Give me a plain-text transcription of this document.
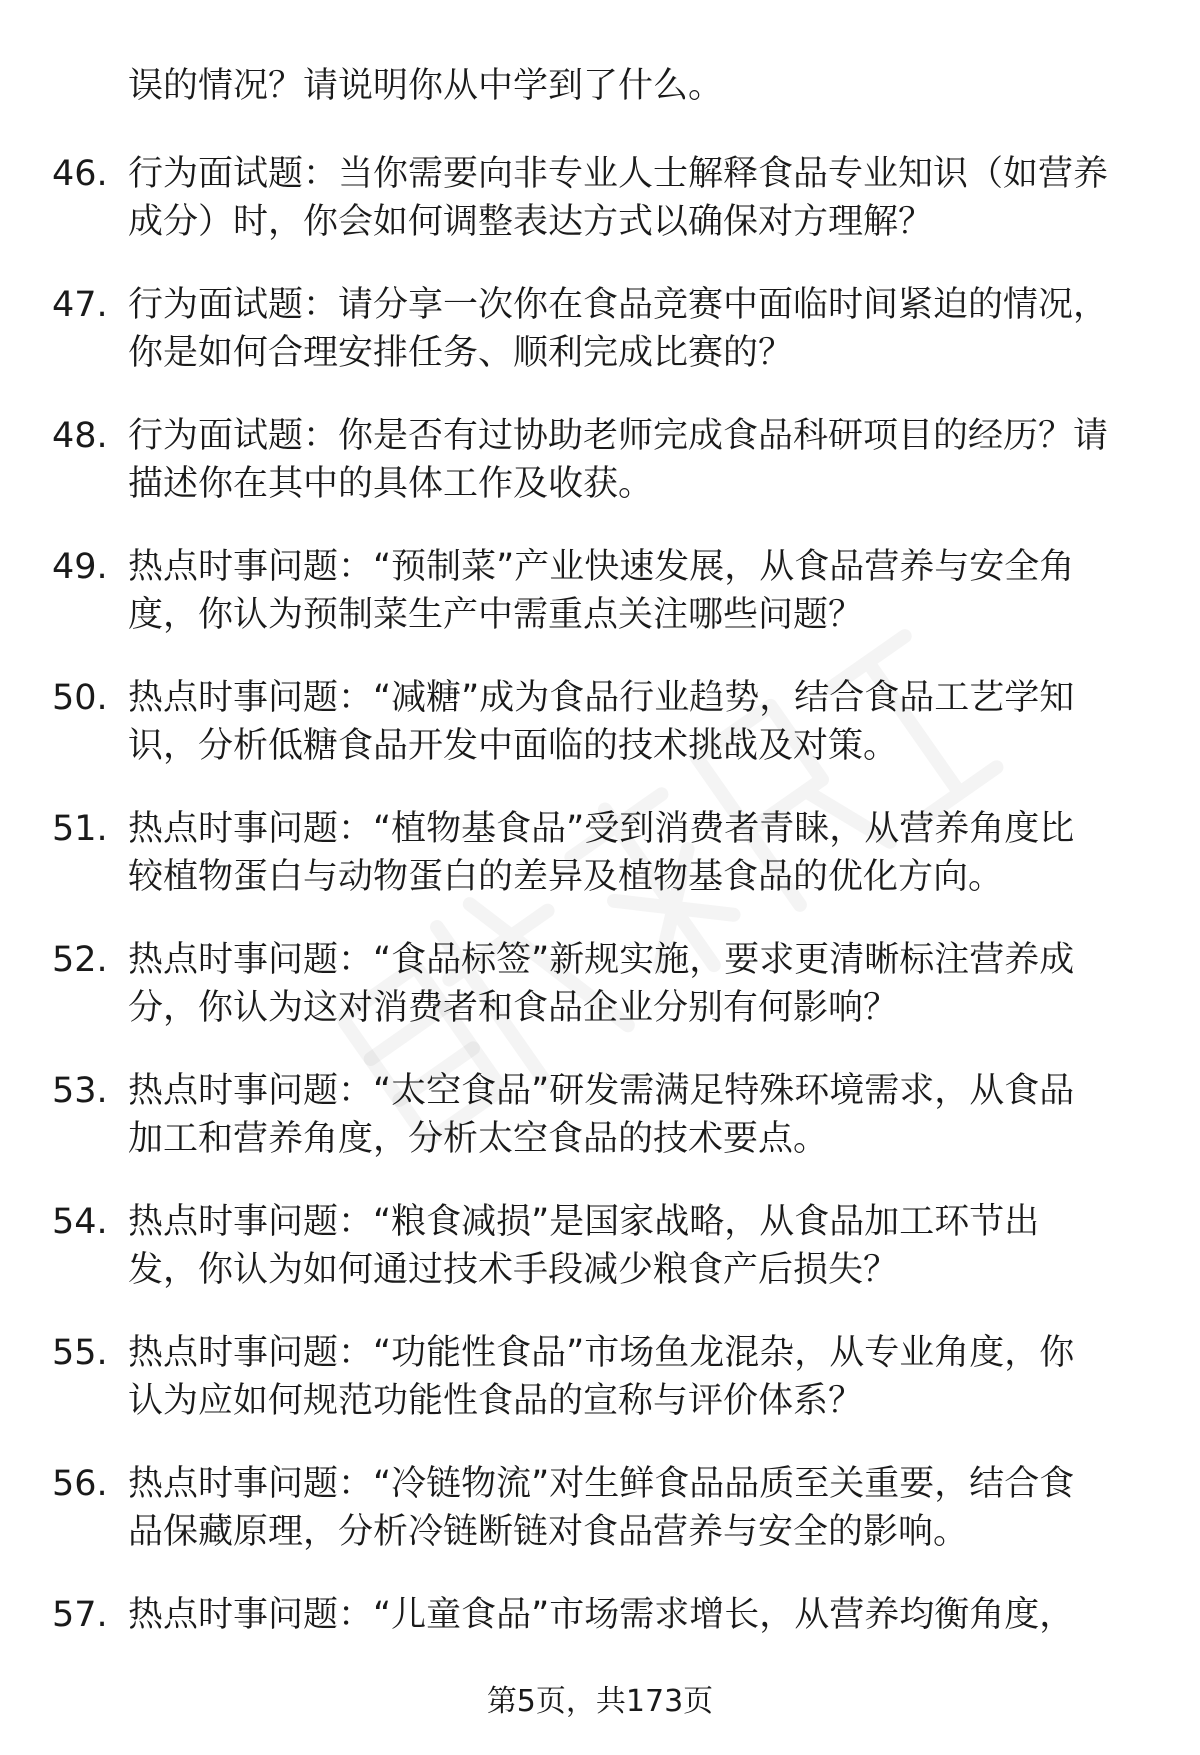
误的情况？请说明你从中学到了什么。
46. 行为面试题：当你需要向非专业人士解释食品专业知识（如营养
成分）时，你会如何调整表达方式以确保对方理解？
47. 行为面试题：请分享一次你在食品竞赛中面临时间紧迫的情况，
你是如何合理安排任务、顺利完成比赛的？
48. 行为面试题：你是否有过协助老师完成食品科研项目的经历？请
描述你在其中的具体工作及收获。
49. 热点时事问题：“预制菜”产业快速发展，从食品营养与安全角
度，你认为预制菜生产中需重点关注哪些问题？
50. 热点时事问题：“减糖”成为食品行业趋势，结合食品工艺学知
识，分析低糖食品开发中面临的技术挑战及对策。
51. 热点时事问题：“植物基食品”受到消费者青睐，从营养角度比
较植物蛋白与动物蛋白的差异及植物基食品的优化方向。
52. 热点时事问题：“食品标签”新规实施，要求更清晰标注营养成
分，你认为这对消费者和食品企业分别有何影响？
53. 热点时事问题：“太空食品”研发需满足特殊环境需求，从食品
加工和营养角度，分析太空食品的技术要点。
54. 热点时事问题：“粮食减损”是国家战略，从食品加工环节出
发，你认为如何通过技术手段减少粮食产后损失？
55. 热点时事问题：“功能性食品”市场鱼龙混杂，从专业角度，你
认为应如何规范功能性食品的宣称与评价体系？
56. 热点时事问题：“冷链物流”对生鲜食品品质至关重要，结合食
品保藏原理，分析冷链断链对食品营养与安全的影响。
57. 热点时事问题：“儿童食品”市场需求增长，从营养均衡角度，
第5页，共173页
